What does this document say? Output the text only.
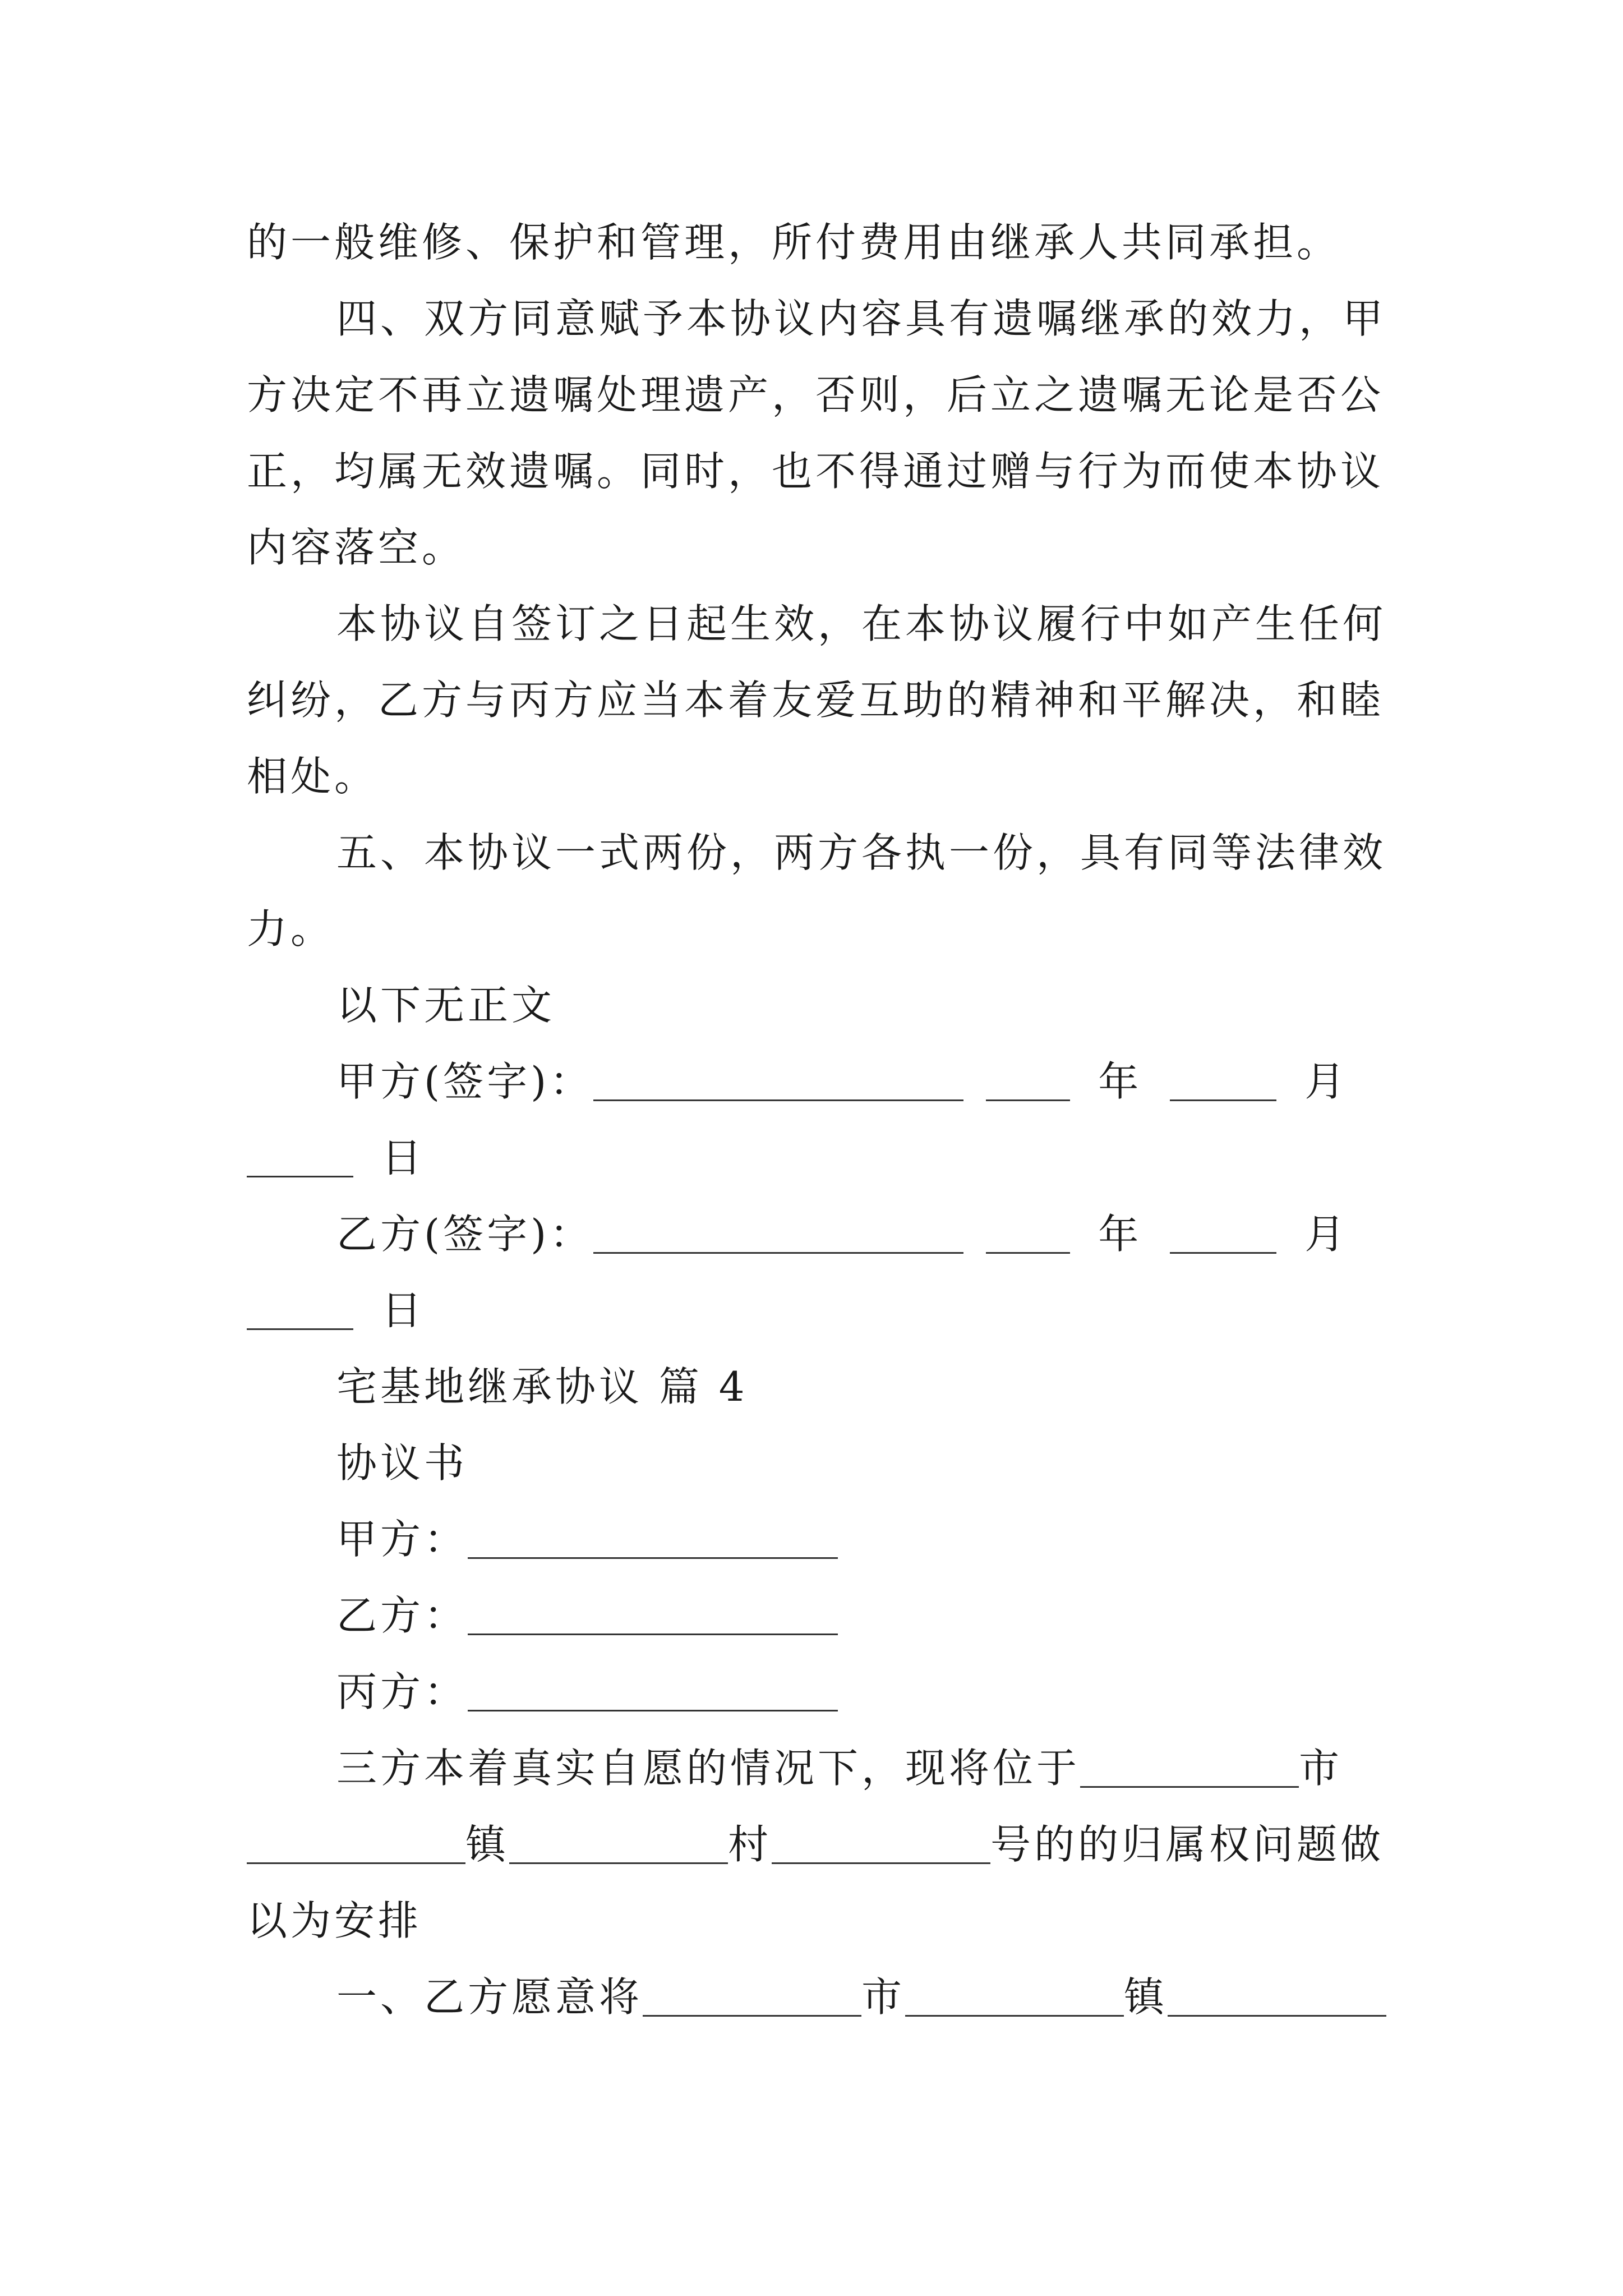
的一般维修、保护和管理，所付费用由继承人共同承担。
四、双方同意赋予本协议内容具有遗嘱继承的效力，甲
方决定不再立遗嘱处理遗产，否则，后立之遗嘱无论是否公
正，均属无效遗嘱。同时，也不得通过赠与行为而使本协议
内容落空。
本协议自签订之日起生效，在本协议履行中如产生任何
纠纷，乙方与丙方应当本着友爱互助的精神和平解决，和睦
相处。
五、本协议一式两份，两方各执一份，具有同等法律效
力。
以下无正文
甲方(签字)：	年	月
日
乙方(签字)：	年	月
日
宅基地继承协议 篇 4
协议书
甲方：
乙方：
丙方：
三方本着真实自愿的情况下，现将位于	市
镇	村	号的的归属权问题做
以为安排
一、乙方愿意将	市	镇
